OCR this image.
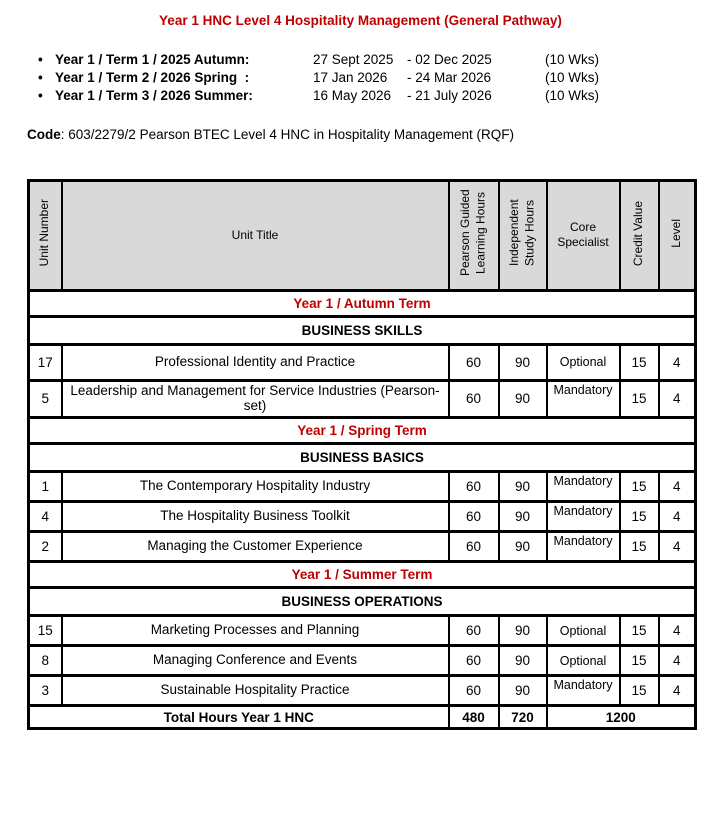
Year 1 HNC Level 4 Hospitality Management (General Pathway)
• Year 1 / Term 1 / 2025 Autumn:	27 Sept 2025	- 02 Dec 2025	(10 Wks)
• Year 1 / Term 2 / 2026 Spring  :	17 Jan 2026	- 24 Mar 2026	(10 Wks)
• Year 1 / Term 3 / 2026 Summer:	16 May 2026	- 21 July 2026	(10 Wks)

Code: 603/2279/2 Pearson BTEC Level 4 HNC in Hospitality Management (RQF)

Unit Number	Unit Title	Pearson Guided Learning Hours	Independent Study Hours	Core Specialist	Credit Value	Level
Year 1 / Autumn Term						
BUSINESS SKILLS						
17	Professional Identity and Practice	60	90	Optional	15	4
5	Leadership and Management for Service Industries (Pearson-set)	60	90	Mandatory	15	4
Year 1 / Spring Term						
BUSINESS BASICS						
1	The Contemporary Hospitality Industry	60	90	Mandatory	15	4
4	The Hospitality Business Toolkit	60	90	Mandatory	15	4
2	Managing the Customer Experience	60	90	Mandatory	15	4
Year 1 / Summer Term						
BUSINESS OPERATIONS						
15	Marketing Processes and Planning	60	90	Optional	15	4
8	Managing Conference and Events	60	90	Optional	15	4
3	Sustainable Hospitality Practice	60	90	Mandatory	15	4
Total Hours Year 1 HNC		480	720	1200		
